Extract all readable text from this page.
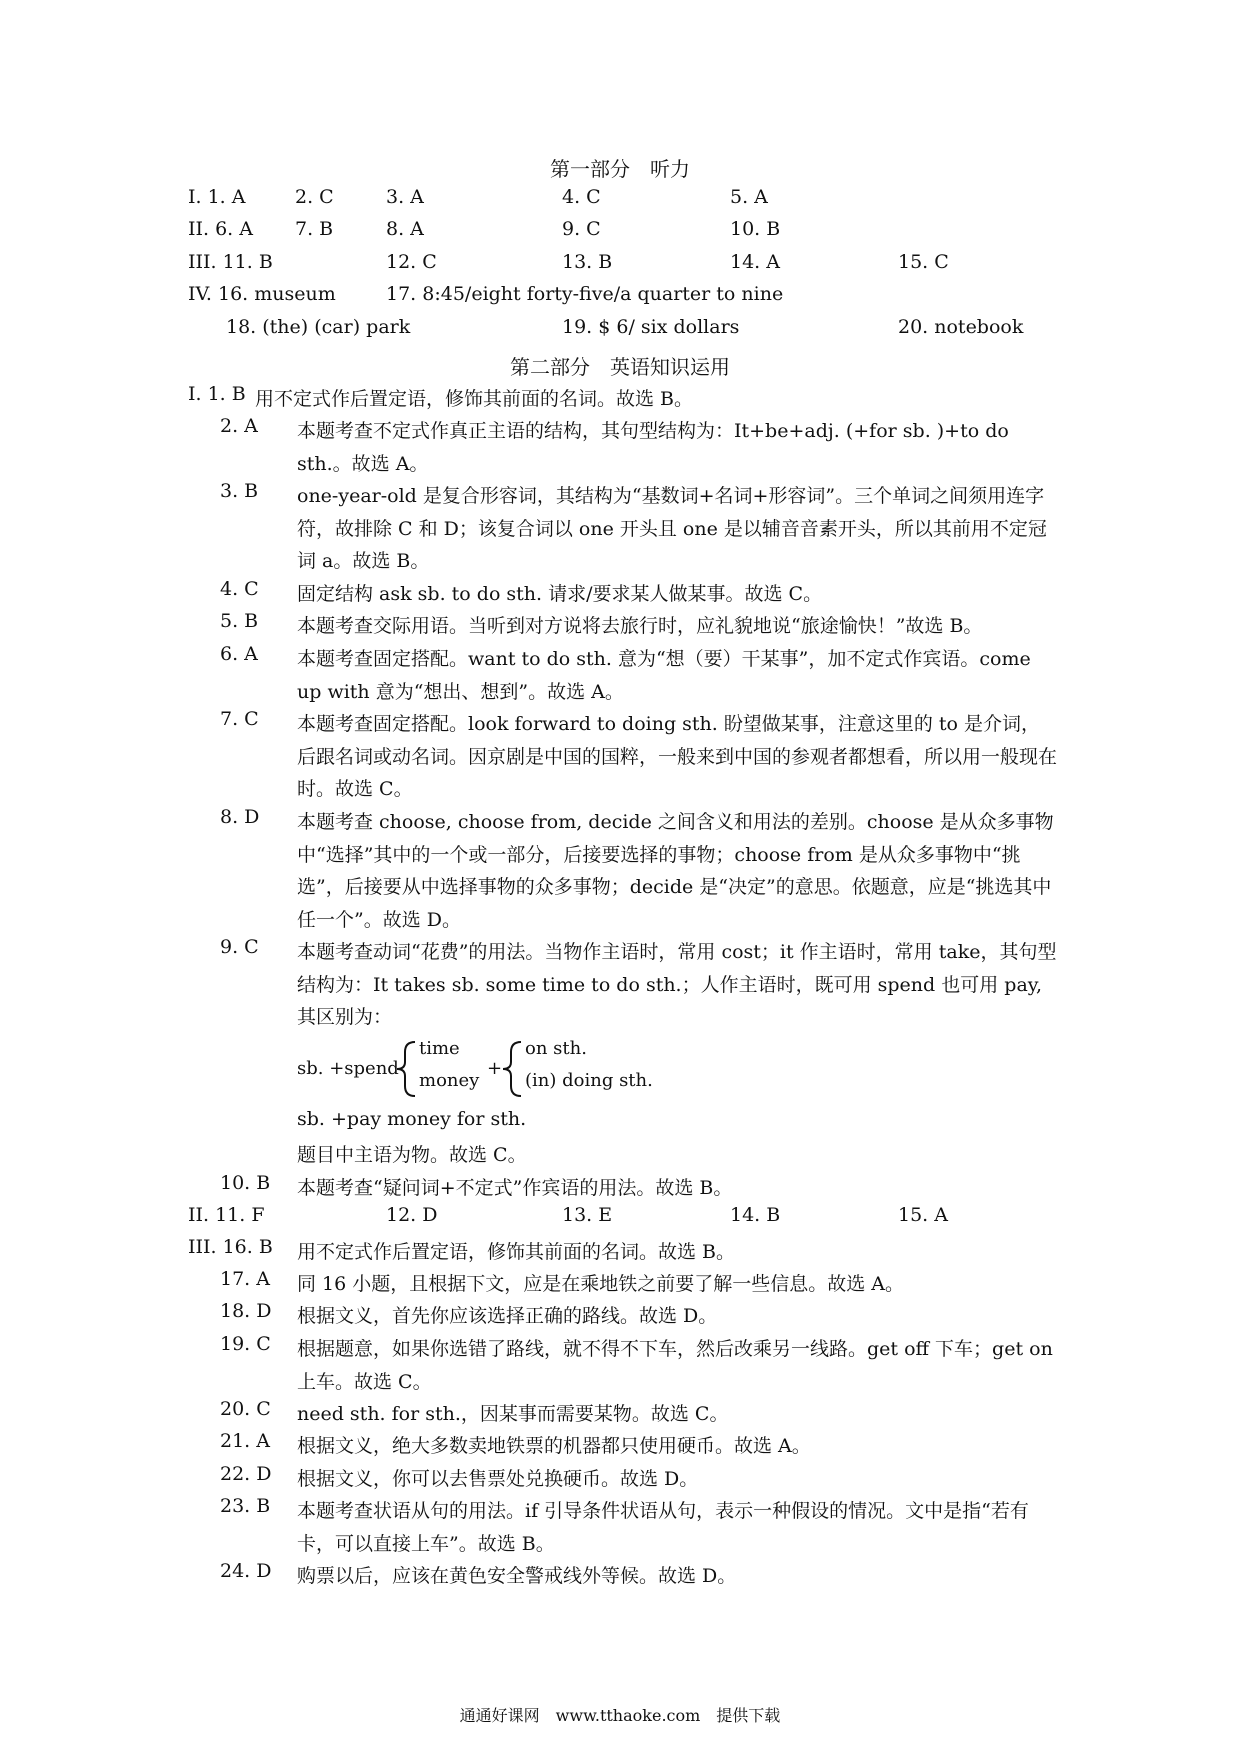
第一部分　听力
I. 1. A	2. C	3. A	4. C	5. A
II. 6. A 7. B	8. A	9. C	10. B
III. 11. B	12. C	13. B	14. A	15. C
IV. 16. museum	17. 8:45/eight forty-five/a quarter to nine
18. (the) (car) park	19. $ 6/ six dollars	20. notebook
第二部分　英语知识运用
I. 1. B 用不定式作后置定语，修饰其前面的名词。故选 B。
2. A 本题考查不定式作真正主语的结构，其句型结构为：It+be+adj. (+for sb. )+to do sth.。故选 A。
3. B one-year-old 是复合形容词，其结构为“基数词+名词+形容词”。三个单词之间须用连字符，故排除 C 和 D；该复合词以 one 开头且 one 是以辅音音素开头，所以其前用不定冠词 a。故选 B。
4. C 固定结构 ask sb. to do sth. 请求/要求某人做某事。故选 C。
5. B 本题考查交际用语。当听到对方说将去旅行时，应礼貌地说“旅途愉快！”故选 B。
6. A 本题考查固定搭配。want to do sth. 意为“想（要）干某事”，加不定式作宾语。come up with 意为“想出、想到”。故选 A。
7. C 本题考查固定搭配。look forward to doing sth. 盼望做某事，注意这里的 to 是介词，后跟名词或动名词。因京剧是中国的国粹，一般来到中国的参观者都想看，所以用一般现在时。故选 C。
8. D 本题考查 choose, choose from, decide 之间含义和用法的差别。choose 是从众多事物中“选择”其中的一个或一部分，后接要选择的事物；choose from 是从众多事物中“挑选”，后接要从中选择事物的众多事物；decide 是“决定”的意思。依题意，应是“挑选其中任一个”。故选 D。
9. C 本题考查动词“花费”的用法。当物作主语时，常用 cost；it 作主语时，常用 take，其句型结构为：It takes sb. some time to do sth.；人作主语时，既可用 spend 也可用 pay, 其区别为：
sb. +spend
time
money
+
on sth.
(in) doing sth.
sb. +pay money for sth.
题目中主语为物。故选 C。
10. B 本题考查“疑问词+不定式”作宾语的用法。故选 B。
II. 11. F	12. D	13. E	14. B	15. A
III. 16. B 用不定式作后置定语，修饰其前面的名词。故选 B。
17. A 同 16 小题，且根据下文，应是在乘地铁之前要了解一些信息。故选 A。
18. D 根据文义，首先你应该选择正确的路线。故选 D。
19. C 根据题意，如果你选错了路线，就不得不下车，然后改乘另一线路。get off 下车；get on 上车。故选 C。
20. C need sth. for sth.，因某事而需要某物。故选 C。
21. A 根据文义，绝大多数卖地铁票的机器都只使用硬币。故选 A。
22. D 根据文义，你可以去售票处兑换硬币。故选 D。
23. B 本题考查状语从句的用法。if 引导条件状语从句，表示一种假设的情况。文中是指“若有卡，可以直接上车”。故选 B。
24. D 购票以后，应该在黄色安全警戒线外等候。故选 D。
通通好课网　www.tthaoke.com　提供下载
